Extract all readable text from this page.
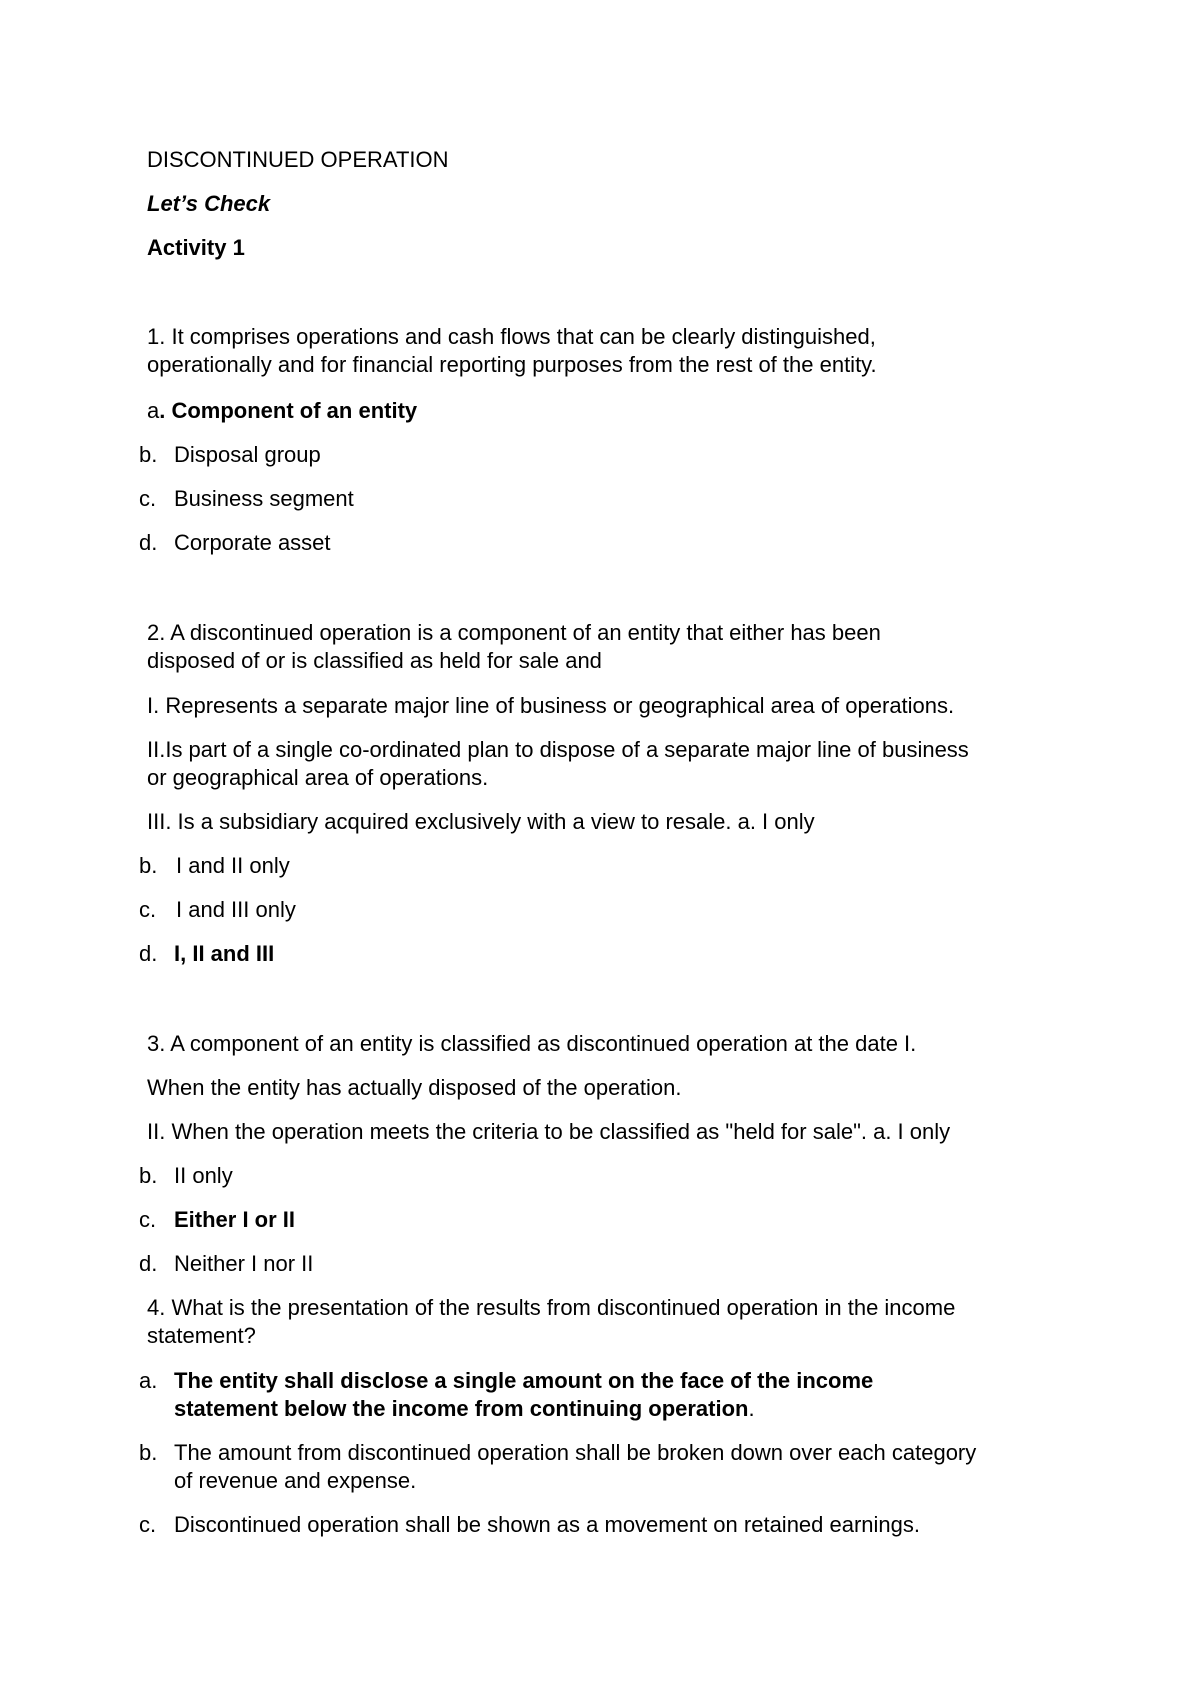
DISCONTINUED OPERATION
Let’s Check
Activity 1
1. It comprises operations and cash flows that can be clearly distinguished,
operationally and for financial reporting purposes from the rest of the entity.
a. Component of an entity
b. Disposal group
c. Business segment
d. Corporate asset
2. A discontinued operation is a component of an entity that either has been
disposed of or is classified as held for sale and
I. Represents a separate major line of business or geographical area of operations.
II.Is part of a single co-ordinated plan to dispose of a separate major line of business
or geographical area of operations.
III. Is a subsidiary acquired exclusively with a view to resale. a. I only
b. I and II only
c. I and III only
d. I, II and III
3. A component of an entity is classified as discontinued operation at the date I.
When the entity has actually disposed of the operation.
II. When the operation meets the criteria to be classified as "held for sale". a. I only
b. II only
c. Either I or II
d. Neither I nor II
4. What is the presentation of the results from discontinued operation in the income
statement?
a. The entity shall disclose a single amount on the face of the income
statement below the income from continuing operation.
b. The amount from discontinued operation shall be broken down over each category
of revenue and expense.
c. Discontinued operation shall be shown as a movement on retained earnings.
